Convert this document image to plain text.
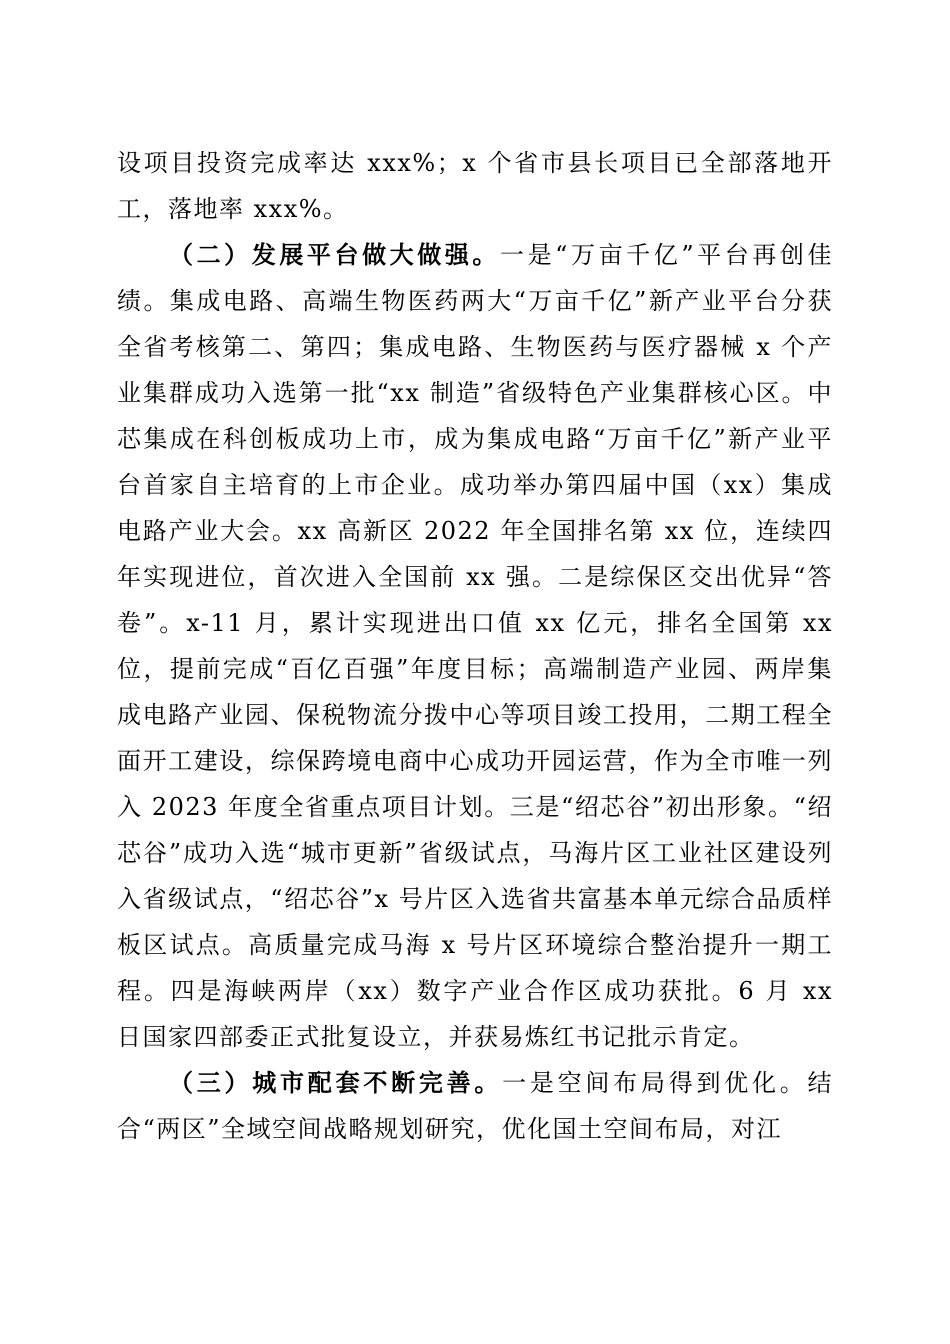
设项目投资完成率达 xxx%；x 个省市县长项目已全部落地开工，落地率 xxx%。

（二）发展平台做大做强。一是“万亩千亿”平台再创佳绩。集成电路、高端生物医药两大“万亩千亿”新产业平台分获全省考核第二、第四；集成电路、生物医药与医疗器械 x 个产业集群成功入选第一批“xx 制造”省级特色产业集群核心区。中芯集成在科创板成功上市，成为集成电路“万亩千亿”新产业平台首家自主培育的上市企业。成功举办第四届中国（xx）集成电路产业大会。xx 高新区 2022 年全国排名第 xx 位，连续四年实现进位，首次进入全国前 xx 强。二是综保区交出优异“答卷”。x-11 月，累计实现进出口值 xx 亿元，排名全国第 xx 位，提前完成“百亿百强”年度目标；高端制造产业园、两岸集成电路产业园、保税物流分拨中心等项目竣工投用，二期工程全面开工建设，综保跨境电商中心成功开园运营，作为全市唯一列入 2023 年度全省重点项目计划。三是“绍芯谷”初出形象。“绍芯谷”成功入选“城市更新”省级试点，马海片区工业社区建设列入省级试点，“绍芯谷”x 号片区入选省共富基本单元综合品质样板区试点。高质量完成马海 x 号片区环境综合整治提升一期工程。四是海峡两岸（xx）数字产业合作区成功获批。6 月 xx 日国家四部委正式批复设立，并获易炼红书记批示肯定。

（三）城市配套不断完善。一是空间布局得到优化。结合“两区”全域空间战略规划研究，优化国土空间布局，对江
